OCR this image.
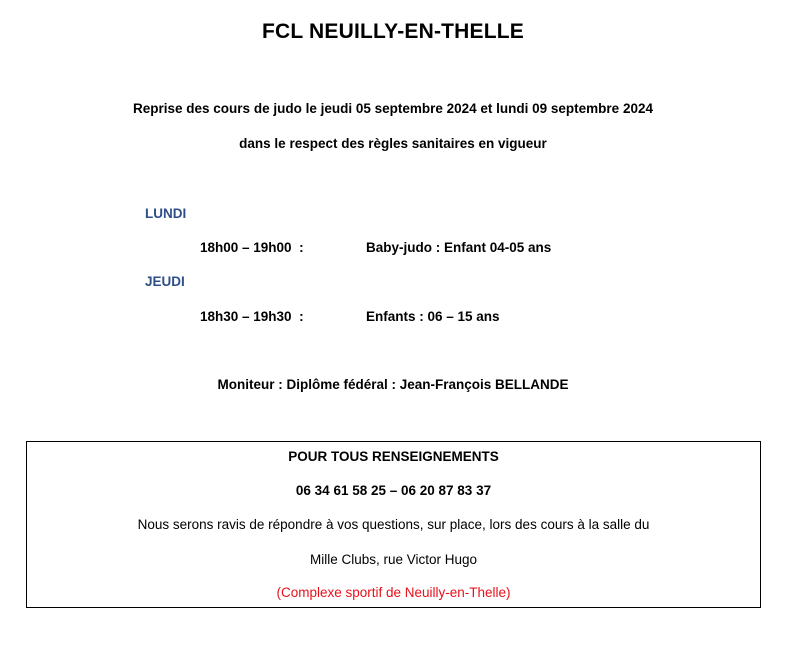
FCL NEUILLY-EN-THELLE
Reprise des cours de judo le jeudi 05 septembre 2024 et lundi 09 septembre 2024
dans le respect des règles sanitaires en vigueur
LUNDI
18h00 – 19h00  :	Baby-judo : Enfant 04-05 ans
JEUDI
18h30 – 19h30  :	Enfants : 06 – 15 ans
Moniteur : Diplôme fédéral : Jean-François BELLANDE
POUR TOUS RENSEIGNEMENTS
06 34 61 58 25 – 06 20 87 83 37
Nous serons ravis de répondre à vos questions, sur place, lors des cours à la salle du
Mille Clubs, rue Victor Hugo
(Complexe sportif de Neuilly-en-Thelle)
